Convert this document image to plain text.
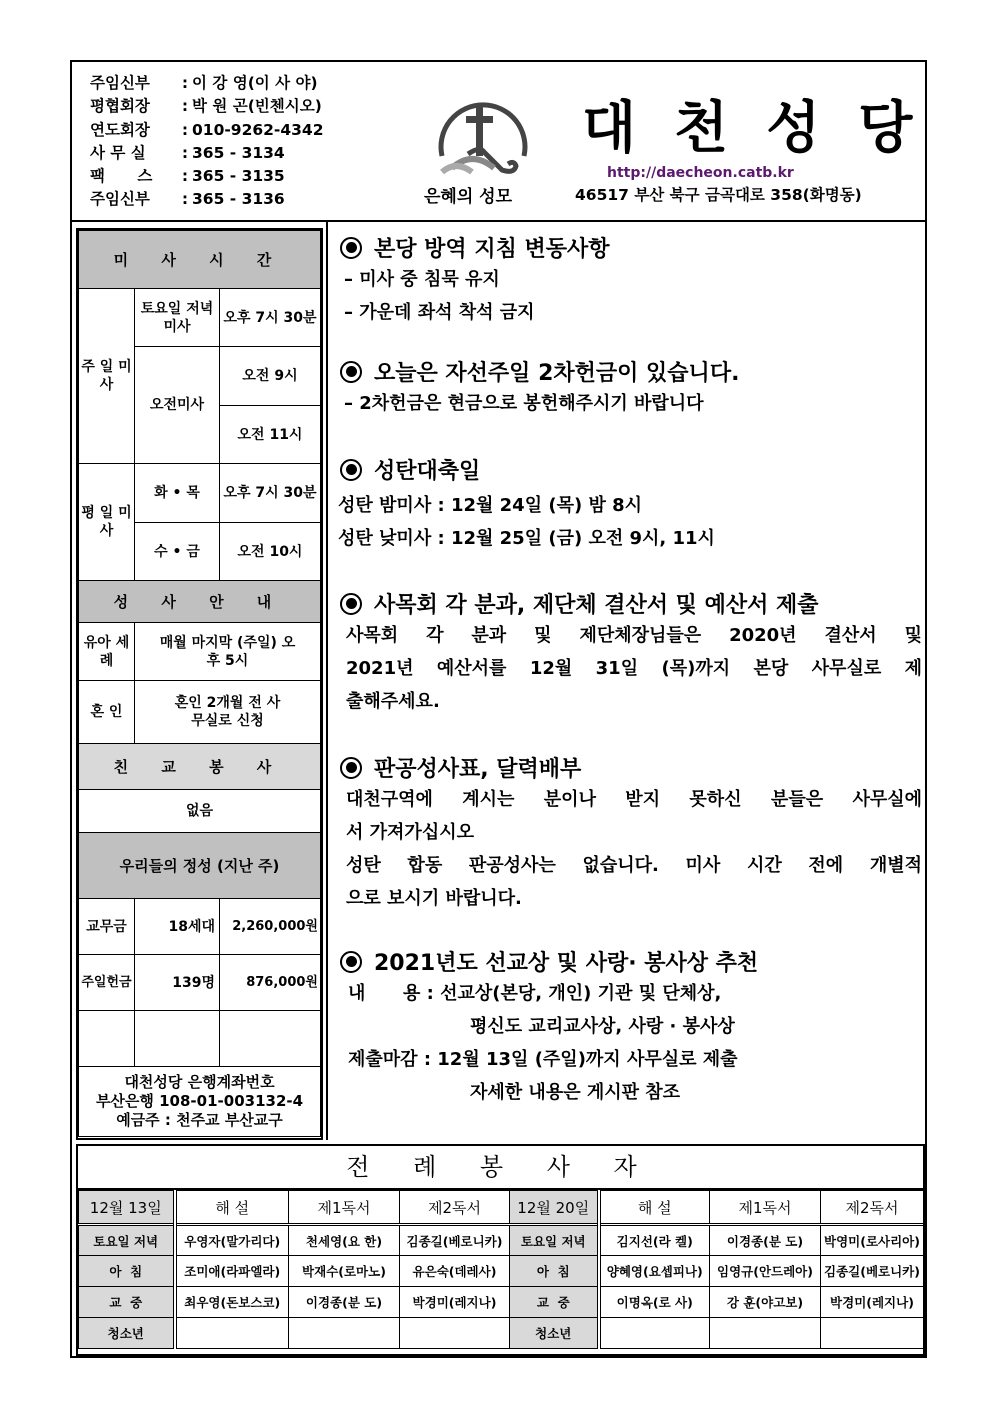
주임신부	: 이 강 영(이 사 야)
평협회장	: 박 원 곤(빈첸시오)
연도회장	: 010-9262-4342
사 무 실	: 365 - 3134
팩      스	: 365 - 3135
주임신부	: 365 - 3136	은혜의 성모
대천성당
http://daecheon.catb.kr
46517 부산 북구 금곡대로 358(화명동)
미 사 시 간		
주 일 미 사	토요일 저녁미사	오후 7시 30분
	오전미사	오전 9시
		오전 11시
평 일 미 사	화 • 목	오후 7시 30분
	수 • 금	오전 10시
성 사 안 내		
유아 세례	매월 마지막 (주일) 오후 5시	
혼 인	혼인 2개월 전 사무실로 신청	
친 교 봉 사		
없음		
우리들의 정성 (지난 주)		
교무금	18세대	2,260,000원
주일헌금	139명	876,000원

대천성당 은행계좌번호
부산은행 108-01-003132-4
예금주 : 천주교 부산교구		
본당 방역 지침 변동사항
– 미사 중 침묵 유지
– 가운데 좌석 착석 금지
오늘은 자선주일 2차헌금이 있습니다.
– 2차헌금은 현금으로 봉헌해주시기 바랍니다
성탄대축일
성탄 밤미사 : 12월 24일 (목) 밤 8시
성탄 낮미사 : 12월 25일 (금) 오전 9시, 11시
사목회 각 분과, 제단체 결산서 및 예산서 제출
사목회 각 분과 및 제단체장님들은 2020년 결산서 및
2021년 예산서를 12월 31일 (목)까지 본당 사무실로 제
출해주세요.
판공성사표, 달력배부
대천구역에 계시는 분이나 받지 못하신 분들은 사무실에
서 가져가십시오
성탄 합동 판공성사는 없습니다. 미사 시간 전에 개별적
으로 보시기 바랍니다.
2021년도 선교상 및 사랑· 봉사상 추천
내      용 : 선교상(본당, 개인) 기관 및 단체상,
평신도 교리교사상, 사랑 · 봉사상
제출마감 : 12월 13일 (주일)까지 사무실로 제출
자세한 내용은 게시판 참조
전 례 봉 사 자
12월 13일	해 설	제1독서	제2독서	12월 20일	해 설	제1독서	제2독서
토요일 저녁	우영자(말가리다)	천세영(요 한)	김종길(베로니카)	토요일 저녁	김지선(라 켈)	이경종(분 도)	박영미(로사리아)
아  침	조미애(라파엘라)	박재수(로마노)	유은숙(데레사)	아  침	양혜영(요셉피나)	임영규(안드레아)	김종길(베로니카)
교  중	최우영(돈보스코)	이경종(분 도)	박경미(레지나)	교  중	이명옥(로 사)	강 훈(야고보)	박경미(레지나)
청소년				청소년			
